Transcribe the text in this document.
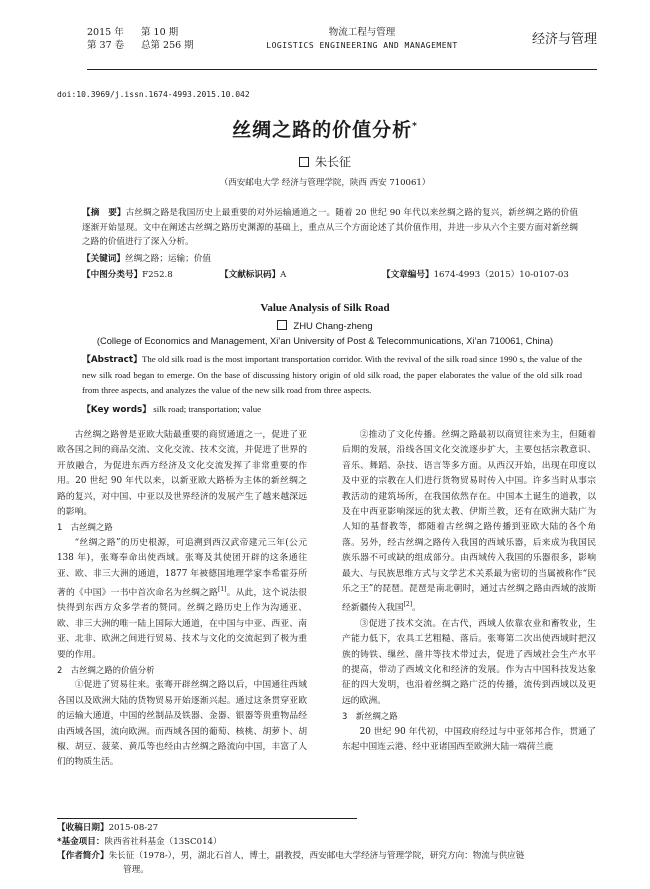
2015 年 第 10 期
第 37 卷 总第 256 期
物流工程与管理
LOGISTICS ENGINEERING AND MANAGEMENT	经济与管理
doi:10.3969/j.issn.1674-4993.2015.10.042
丝绸之路的价值分析*
朱长征
（西安邮电大学 经济与管理学院，陕西 西安 710061）
【摘　要】古丝绸之路是我国历史上最重要的对外运输通道之一。随着 20 世纪 90 年代以来丝绸之路的复兴，新丝绸之路的价值逐渐开始显现。文中在阐述古丝绸之路历史渊源的基础上，重点从三个方面论述了其价值作用，并进一步从六个主要方面对新丝绸之路的价值进行了深入分析。
【关键词】丝绸之路；运输；价值
【中图分类号】F252.8	【文献标识码】A	【文章编号】1674-4993（2015）10-0107-03
Value Analysis of Silk Road
ZHU Chang-zheng
(College of Economics and Management, Xi’an University of Post & Telecommunications, Xi’an 710061, China)
【Abstract】The old silk road is the most important transportation corridor. With the revival of the silk road since 1990 s, the value of the new silk road began to emerge. On the base of discussing history origin of old silk road, the paper elaborates the value of the old silk road from three aspects, and analyzes the value of the new silk road from three aspects.
【Key words】 silk road; transportation; value

古丝绸之路曾是亚欧大陆最重要的商贸通道之一，促进了亚欧各国之间的商品交流、文化交流、技术交流，并促进了世界的开放融合，为促进东西方经济及文化交流发挥了非常重要的作用。20 世纪 90 年代以来，以新亚欧大路桥为主体的新丝绸之路的复兴，对中国、中亚以及世界经济的发展产生了越来越深远的影响。

1　古丝绸之路

“丝绸之路”的历史根源，可追溯到西汉武帝建元三年(公元 138 年)，张骞奉命出使西域。张骞及其使团开辟的这条通往亚、欧、非三大洲的通道，1877 年被德国地理学家李希霍芬所著的《中国》一书中首次命名为丝绸之路[1]。从此，这个说法很快得到东西方众多学者的赞同。丝绸之路历史上作为沟通亚、欧、非三大洲的唯一陆上国际大通道，在中国与中亚、西亚、南亚、北非、欧洲之间进行贸易、技术与文化的交流起到了极为重要的作用。

2　古丝绸之路的价值分析

①促进了贸易往来。张骞开辟丝绸之路以后，中国通往西域各国以及欧洲大陆的货物贸易开始逐渐兴起。通过这条贯穿亚欧的运输大通道，中国的丝制品及铁器、金器、银器等贵重物品经由西域各国，流向欧洲。而西域各国的葡萄、核桃、胡萝卜、胡椒、胡豆、菠菜、黄瓜等也经由古丝绸之路流向中国，丰富了人们的物质生活。

②推动了文化传播。丝绸之路最初以商贸往来为主，但随着后期的发展，沿线各国文化交流逐步扩大，主要包括宗教意识、音乐、舞蹈、杂技、语言等多方面。从西汉开始，出现在印度以及中亚的宗教在人们进行货物贸易时传入中国。许多当时从事宗教活动的建筑场所，在我国依然存在。中国本土诞生的道教，以及在中西亚影响深远的犹太教、伊斯兰教，还有在欧洲大陆广为人知的基督教等，都随着古丝绸之路传播到亚欧大陆的各个角落。另外，经古丝绸之路传入我国的西域乐器，后来成为我国民族乐器不可或缺的组成部分。由西域传入我国的乐器很多，影响最大、与民族思维方式与文学艺术关系最为密切的当属被称作“民乐之王”的琵琶。琵琶是南北朝时，通过古丝绸之路由西域的波斯经新疆传入我国[2]。

③促进了技术交流。在古代，西域人依靠农业和畜牧业，生产能力低下，农具工艺粗糙、落后。张骞第二次出使西域时把汉族的铸铁、缫丝、凿井等技术带过去，促进了西域社会生产水平的提高，带动了西域文化和经济的发展。作为古中国科技发达象征的四大发明，也沿着丝绸之路广泛的传播，流传到西域以及更远的欧洲。

3　新丝绸之路

20 世纪 90 年代初，中国政府经过与中亚邻邦合作，贯通了东起中国连云港、经中亚诸国西至欧洲大陆一端荷兰鹿

【收稿日期】2015-08-27
*基金项目：陕西省社科基金（13SC014）
【作者简介】朱长征（1978-），男，湖北石首人，博士，副教授，西安邮电大学经济与管理学院，研究方向：物流与供应链
管理。
